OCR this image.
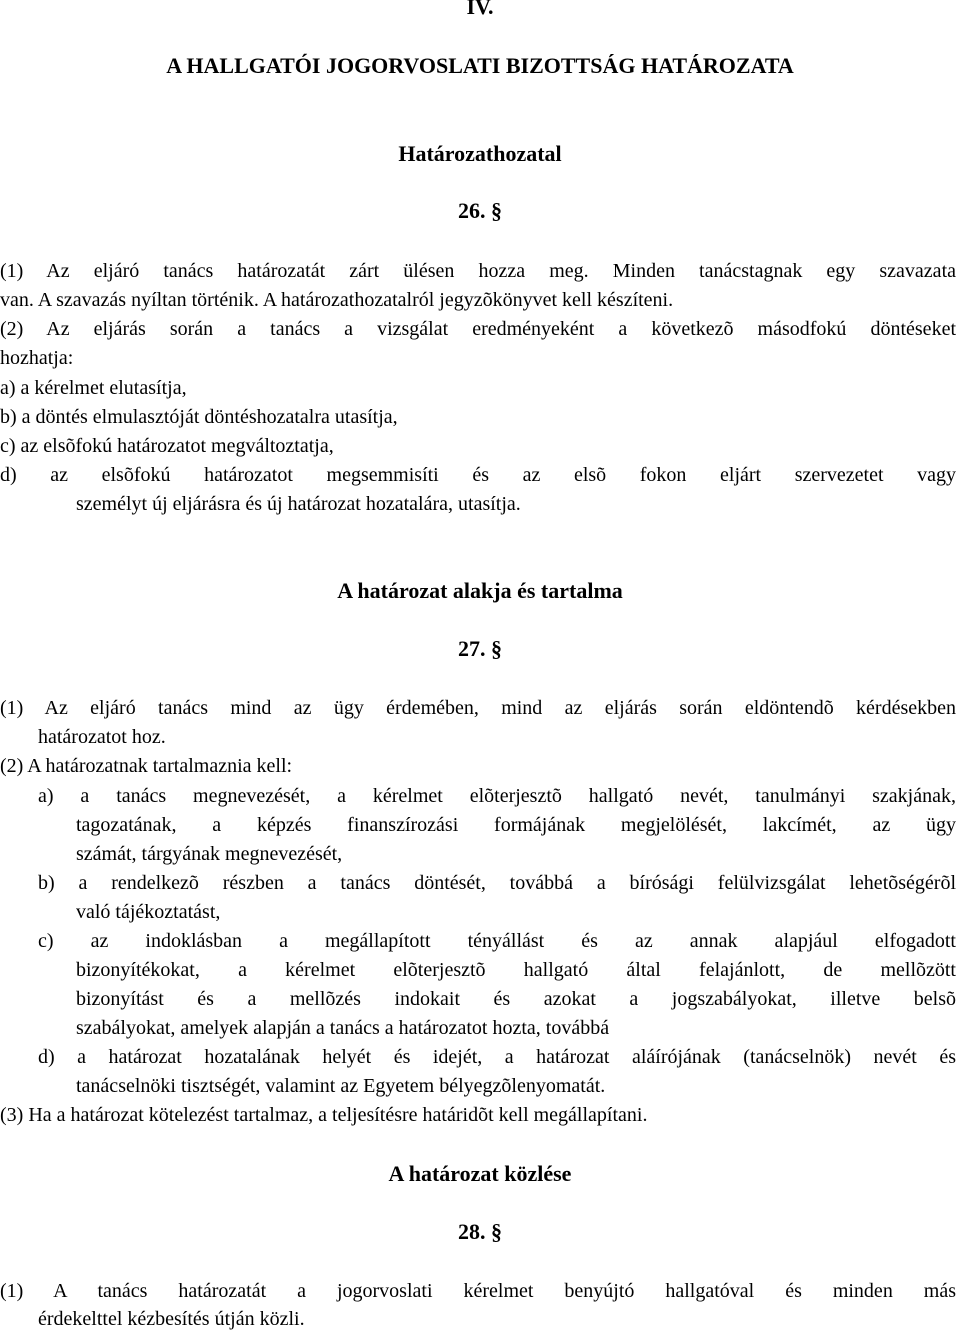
IV.
A HALLGATÓI JOGORVOSLATI BIZOTTSÁG HATÁROZATA
Határozathozatal
26. §
(1) Az eljáró tanács határozatát zárt ülésen hozza meg. Minden tanácstagnak egy szavazata
van. A szavazás nyíltan történik. A határozathozatalról jegyzõkönyvet kell készíteni.
(2) Az eljárás során a tanács a vizsgálat eredményeként a következõ másodfokú döntéseket
hozhatja:
a) a kérelmet elutasítja,
b) a döntés elmulasztóját döntéshozatalra utasítja,
c) az elsõfokú határozatot megváltoztatja,
d) az elsõfokú határozatot megsemmisíti és az elsõ fokon eljárt szervezetet vagy
személyt új eljárásra és új határozat hozatalára, utasítja.
A határozat alakja és tartalma
27. §
(1) Az eljáró tanács mind az ügy érdemében, mind az eljárás során eldöntendõ kérdésekben
határozatot hoz.
(2) A határozatnak tartalmaznia kell:
a) a tanács megnevezését, a kérelmet elõterjesztõ hallgató nevét, tanulmányi szakjának,
tagozatának, a képzés finanszírozási formájának megjelölését, lakcímét, az ügy
számát, tárgyának megnevezését,
b) a rendelkezõ részben a tanács döntését, továbbá a bírósági felülvizsgálat lehetõségérõl
való tájékoztatást,
c) az indoklásban a megállapított tényállást és az annak alapjául elfogadott
bizonyítékokat, a kérelmet elõterjesztõ hallgató által felajánlott, de mellõzött
bizonyítást és a mellõzés indokait és azokat a jogszabályokat, illetve belsõ
szabályokat, amelyek alapján a tanács a határozatot hozta, továbbá
d) a határozat hozatalának helyét és idejét, a határozat aláírójának (tanácselnök) nevét és
tanácselnöki tisztségét, valamint az Egyetem bélyegzõlenyomatát.
(3) Ha a határozat kötelezést tartalmaz, a teljesítésre határidõt kell megállapítani.
A határozat közlése
28. §
(1) A tanács határozatát a jogorvoslati kérelmet benyújtó hallgatóval és minden más
érdekelttel kézbesítés útján közli.
